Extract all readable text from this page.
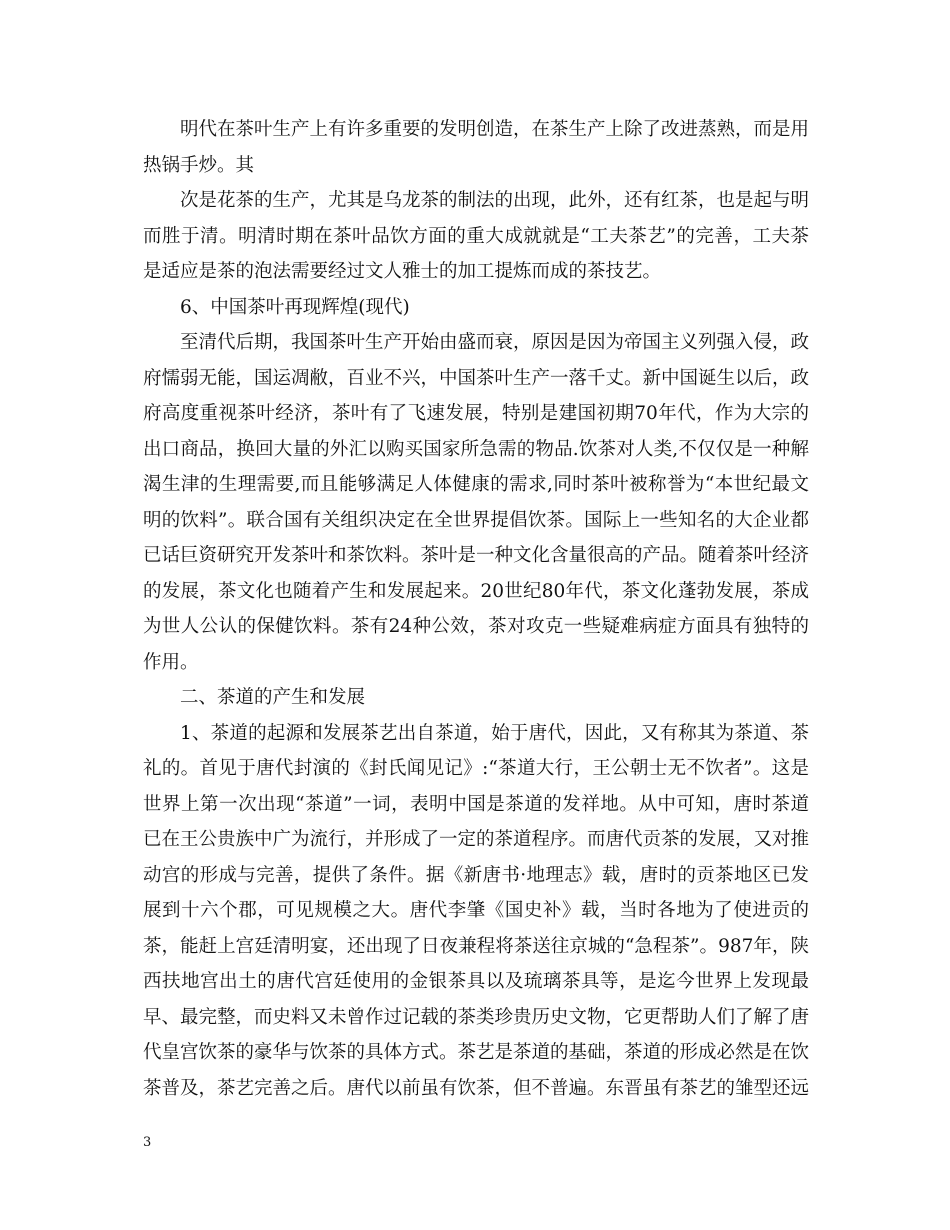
明代在茶叶生产上有许多重要的发明创造，在茶生产上除了改进蒸熟，而是用热锅手炒。其

次是花茶的生产，尤其是乌龙茶的制法的出现，此外，还有红茶，也是起与明而胜于清。明清时期在茶叶品饮方面的重大成就就是“工夫茶艺”的完善，工夫茶是适应是茶的泡法需要经过文人雅士的加工提炼而成的茶技艺。

6、中国茶叶再现辉煌(现代)

至清代后期，我国茶叶生产开始由盛而衰，原因是因为帝国主义列强入侵，政府懦弱无能，国运凋敝，百业不兴，中国茶叶生产一落千丈。新中国诞生以后，政府高度重视茶叶经济，茶叶有了飞速发展，特别是建国初期70年代，作为大宗的出口商品，换回大量的外汇以购买国家所急需的物品.饮茶对人类,不仅仅是一种解渴生津的生理需要,而且能够满足人体健康的需求,同时茶叶被称誉为“本世纪最文明的饮料”。联合国有关组织决定在全世界提倡饮茶。国际上一些知名的大企业都已话巨资研究开发茶叶和茶饮料。茶叶是一种文化含量很高的产品。随着茶叶经济的发展，茶文化也随着产生和发展起来。20世纪80年代，茶文化蓬勃发展，茶成为世人公认的保健饮料。茶有24种公效，茶对攻克一些疑难病症方面具有独特的作用。

二、茶道的产生和发展

1、茶道的起源和发展茶艺出自茶道，始于唐代，因此，又有称其为茶道、茶礼的。首见于唐代封演的《封氏闻见记》:“茶道大行，王公朝士无不饮者”。这是世界上第一次出现“茶道”一词，表明中国是茶道的发祥地。从中可知，唐时茶道已在王公贵族中广为流行，并形成了一定的茶道程序。而唐代贡茶的发展，又对推动宫的形成与完善，提供了条件。据《新唐书·地理志》载，唐时的贡茶地区已发展到十六个郡，可见规模之大。唐代李肇《国史补》载，当时各地为了使进贡的茶，能赶上宫廷清明宴，还出现了日夜兼程将茶送往京城的“急程茶”。987年，陕西扶地宫出土的唐代宫廷使用的金银茶具以及琉璃茶具等，是迄今世界上发现最早、最完整，而史料又未曾作过记载的茶类珍贵历史文物，它更帮助人们了解了唐代皇宫饮茶的豪华与饮茶的具体方式。茶艺是茶道的基础，茶道的形成必然是在饮茶普及，茶艺完善之后。唐代以前虽有饮茶，但不普遍。东晋虽有茶艺的雏型还远

3
